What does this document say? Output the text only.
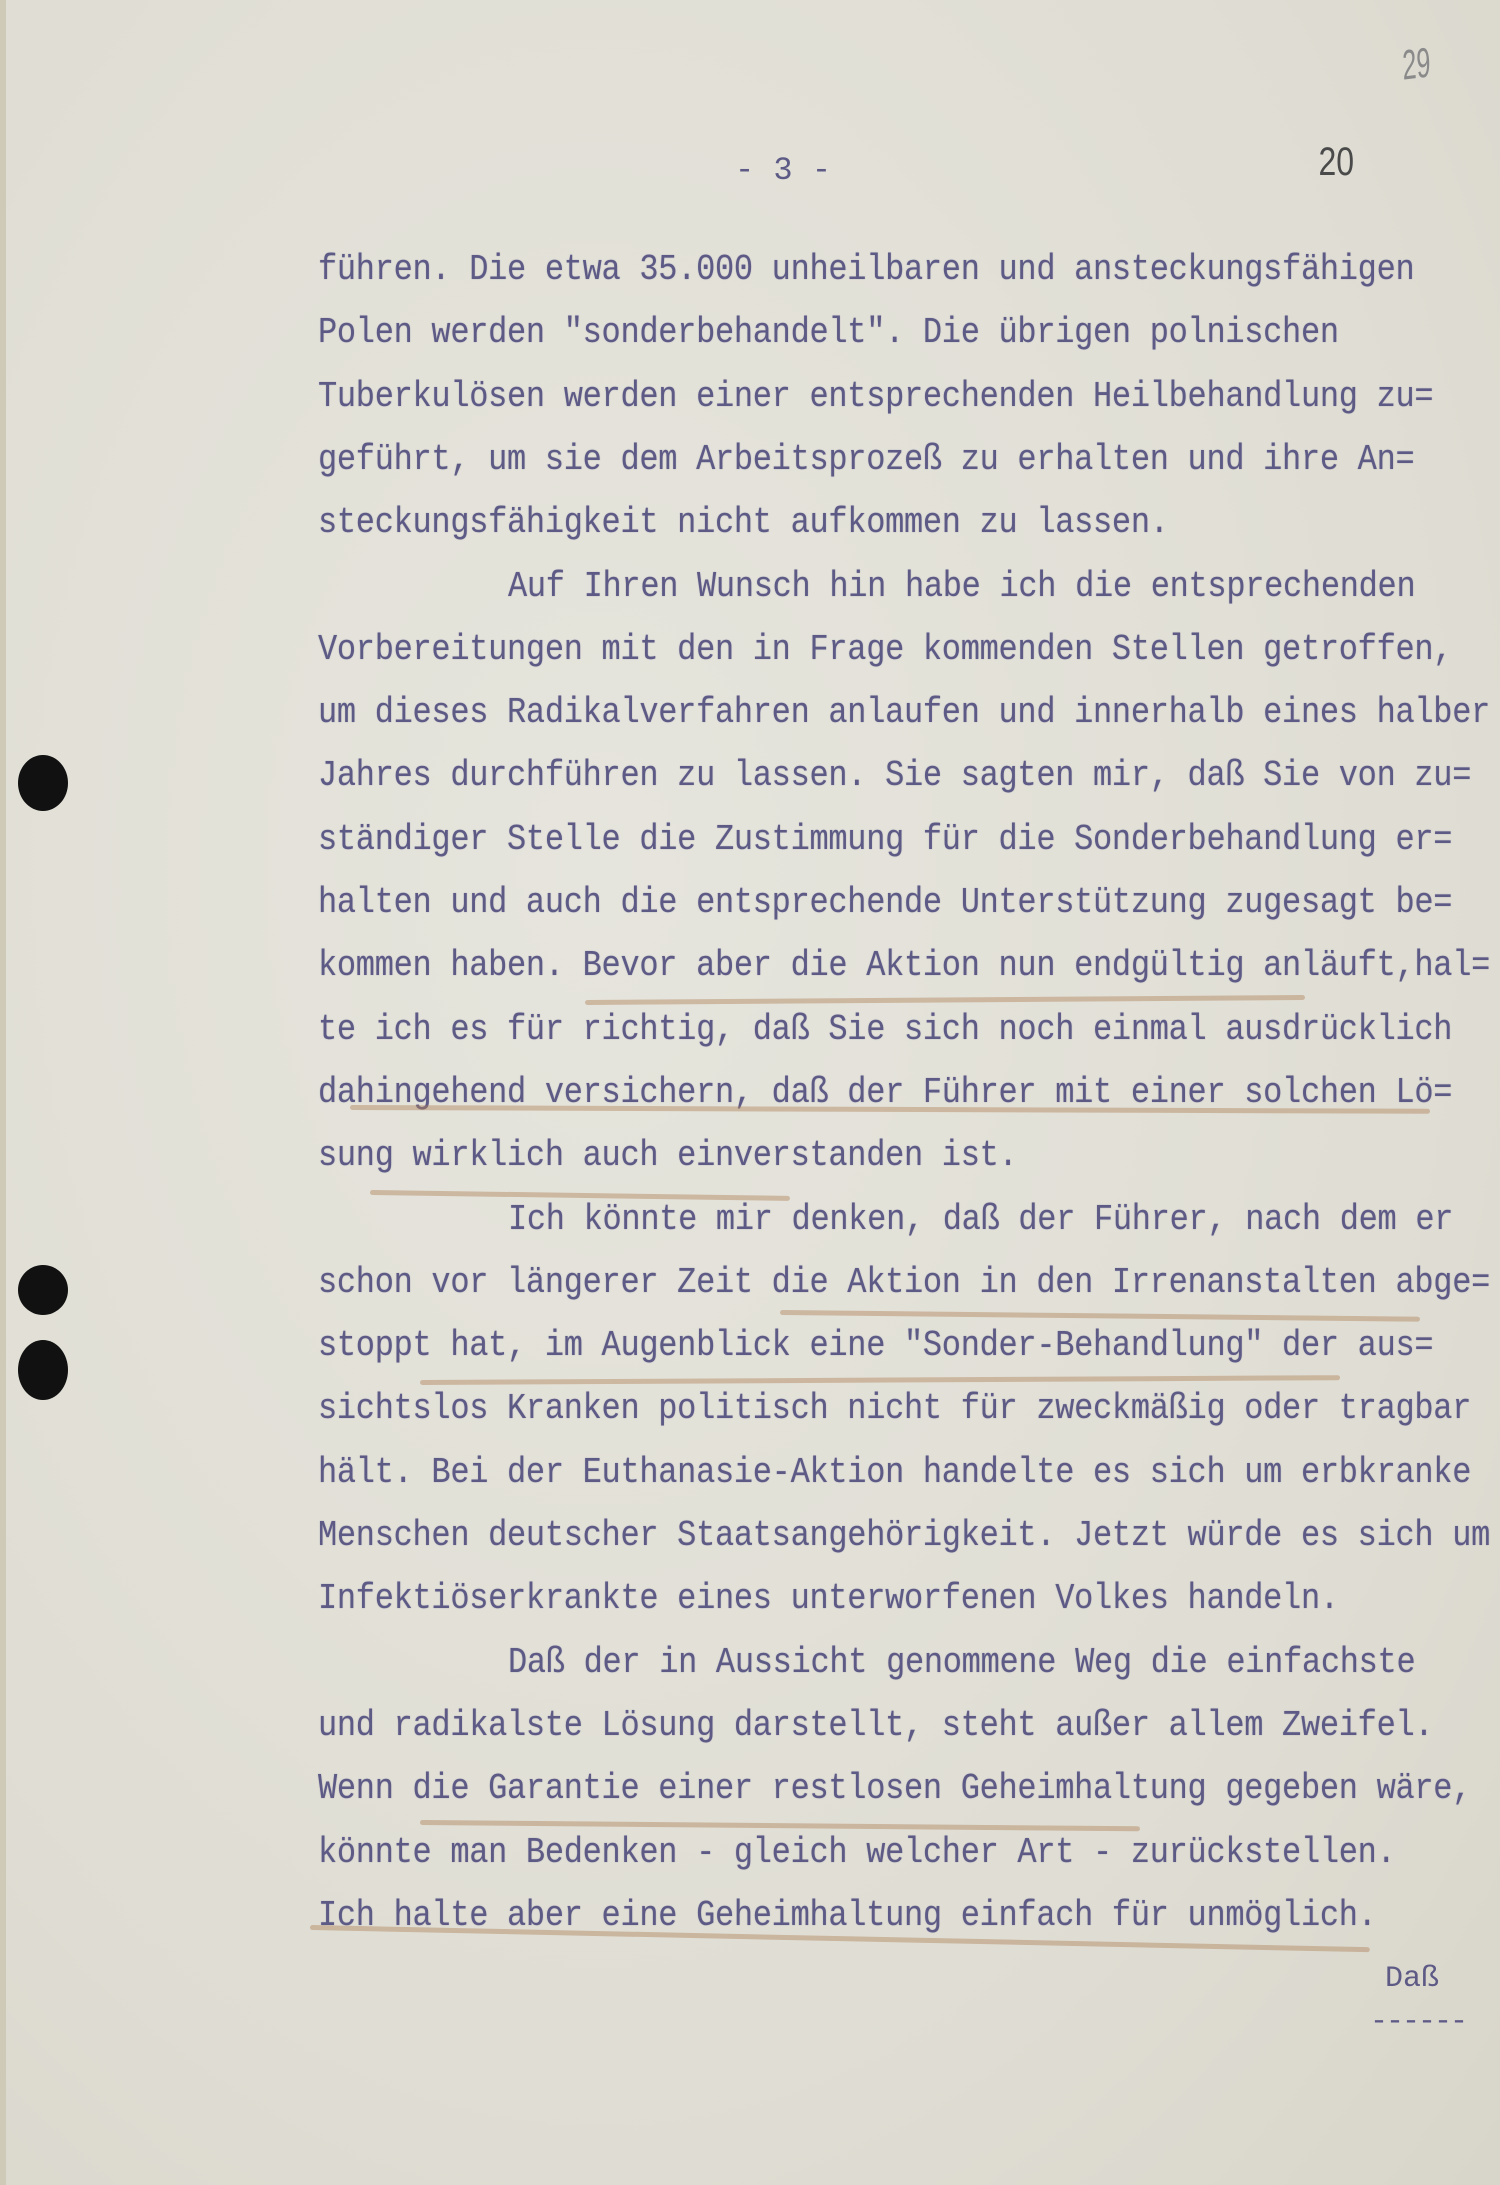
29
20
- 3 -
führen. Die etwa 35.000 unheilbaren und ansteckungsfähigen
Polen werden "sonderbehandelt". Die übrigen polnischen
Tuberkulösen werden einer entsprechenden Heilbehandlung zu=
geführt, um sie dem Arbeitsprozeß zu erhalten und ihre An=
steckungsfähigkeit nicht aufkommen zu lassen.
Auf Ihren Wunsch hin habe ich die entsprechenden
Vorbereitungen mit den in Frage kommenden Stellen getroffen,
um dieses Radikalverfahren anlaufen und innerhalb eines halber
Jahres durchführen zu lassen. Sie sagten mir, daß Sie von zu=
ständiger Stelle die Zustimmung für die Sonderbehandlung er=
halten und auch die entsprechende Unterstützung zugesagt be=
kommen haben. Bevor aber die Aktion nun endgültig anläuft,hal=
te ich es für richtig, daß Sie sich noch einmal ausdrücklich
dahingehend versichern, daß der Führer mit einer solchen Lö=
sung wirklich auch einverstanden ist.
Ich könnte mir denken, daß der Führer, nach dem er
schon vor längerer Zeit die Aktion in den Irrenanstalten abge=
stoppt hat, im Augenblick eine "Sonder-Behandlung" der aus=
sichtslos Kranken politisch nicht für zweckmäßig oder tragbar
hält. Bei der Euthanasie-Aktion handelte es sich um erbkranke
Menschen deutscher Staatsangehörigkeit. Jetzt würde es sich um
Infektiöserkrankte eines unterworfenen Volkes handeln.
Daß der in Aussicht genommene Weg die einfachste
und radikalste Lösung darstellt, steht außer allem Zweifel.
Wenn die Garantie einer restlosen Geheimhaltung gegeben wäre,
könnte man Bedenken - gleich welcher Art - zurückstellen.
Ich halte aber eine Geheimhaltung einfach für unmöglich.
Daß
------
